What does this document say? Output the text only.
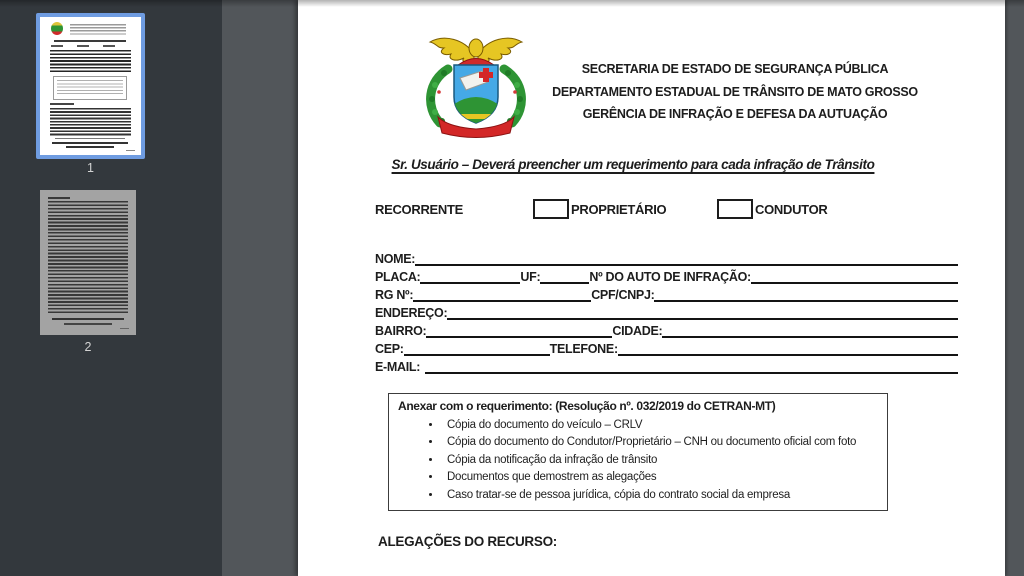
1
2
SECRETARIA DE ESTADO DE SEGURANÇA PÚBLICA
DEPARTAMENTO ESTADUAL DE TRÂNSITO DE MATO GROSSO
GERÊNCIA DE INFRAÇÃO E DEFESA DA AUTUAÇÃO
Sr. Usuário – Deverá preencher um requerimento para cada infração de Trânsito
RECORRENTE	PROPRIETÁRIO	CONDUTOR
NOME:
PLACA:	UF:	Nº DO AUTO DE INFRAÇÃO:
RG Nº:	CPF/CNPJ:
ENDEREÇO:
BAIRRO:	CIDADE:
CEP:	TELEFONE:
E-MAIL:
Anexar com o requerimento: (Resolução nº. 032/2019 do CETRAN-MT)
• Cópia do documento do veículo – CRLV
• Cópia do documento do Condutor/Proprietário – CNH ou documento oficial com foto
• Cópia da notificação da infração de trânsito
• Documentos que demostrem as alegações
• Caso tratar-se de pessoa jurídica, cópia do contrato social da empresa
ALEGAÇÕES DO RECURSO:
